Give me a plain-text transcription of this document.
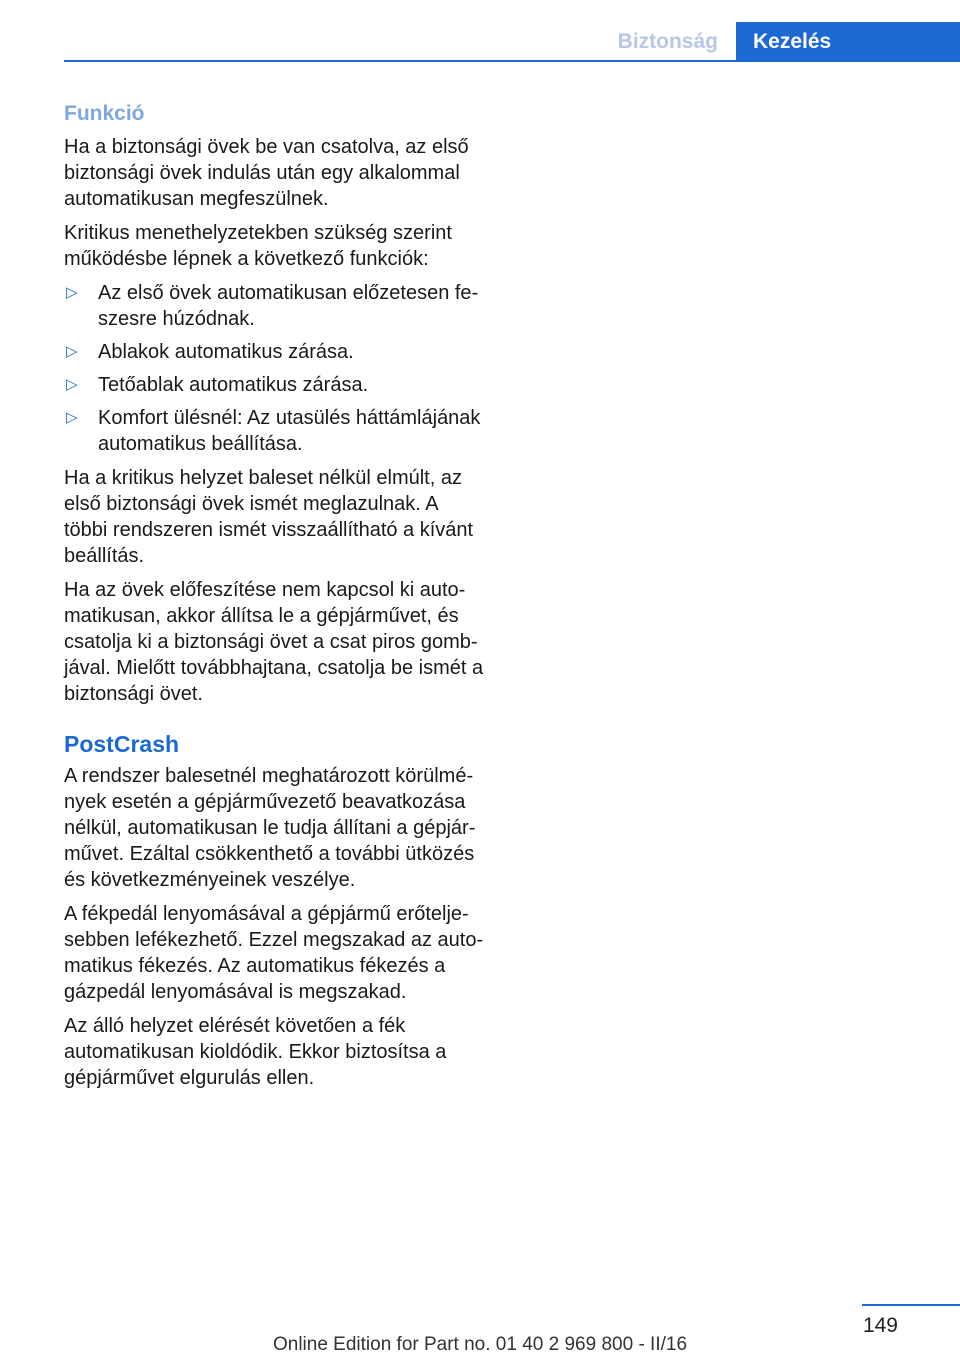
Biztonság	Kezelés
Funkció

Ha a biztonsági övek be van csatolva, az első biztonsági övek indulás után egy alkalommal automatikusan megfeszülnek.

Kritikus menethelyzetekben szükség szerint működésbe lépnek a következő funkciók:

▷ Az első övek automatikusan előzetesen feszesre húzódnak.
▷ Ablakok automatikus zárása.
▷ Tetőablak automatikus zárása.
▷ Komfort ülésnél: Az utasülés háttámlájának automatikus beállítása.

Ha a kritikus helyzet baleset nélkül elmúlt, az első biztonsági övek ismét meglazulnak. A többi rendszeren ismét visszaállítható a kívánt beállítás.

Ha az övek előfeszítése nem kapcsol ki automatikusan, akkor állítsa le a gépjárművet, és csatolja ki a biztonsági övet a csat piros gombjával. Mielőtt továbbhajtana, csatolja be ismét a biztonsági övet.

PostCrash

A rendszer balesetnél meghatározott körülmények esetén a gépjárművezető beavatkozása nélkül, automatikusan le tudja állítani a gépjárművet. Ezáltal csökkenthető a további ütközés és következményeinek veszélye.

A fékpedál lenyomásával a gépjármű erőteljesebben lefékezhető. Ezzel megszakad az automatikus fékezés. Az automatikus fékezés a gázpedál lenyomásával is megszakad.

Az álló helyzet elérését követően a fék automatikusan kioldódik. Ekkor biztosítsa a gépjárművet elgurulás ellen.

149
Online Edition for Part no. 01 40 2 969 800 - II/16
